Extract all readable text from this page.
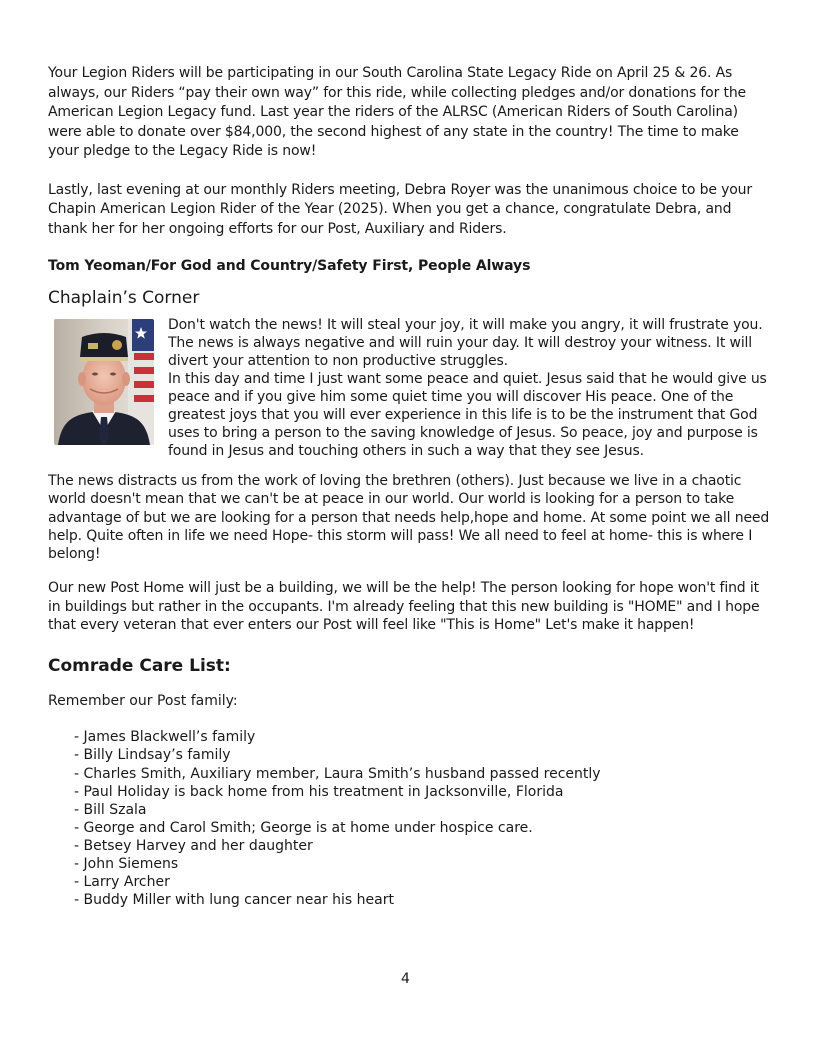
Your Legion Riders will be participating in our South Carolina State Legacy Ride on April 25 & 26. As always, our Riders “pay their own way” for this ride, while collecting pledges and/or donations for the American Legion Legacy fund. Last year the riders of the ALRSC (American Riders of South Carolina) were able to donate over $84,000, the second highest of any state in the country! The time to make your pledge to the Legacy Ride is now!

Lastly, last evening at our monthly Riders meeting, Debra Royer was the unanimous choice to be your Chapin American Legion Rider of the Year (2025). When you get a chance, congratulate Debra, and thank her for her ongoing efforts for our Post, Auxiliary and Riders.

Tom Yeoman/For God and Country/Safety First, People Always

Chaplain’s Corner

Don't watch the news! It will steal your joy, it will make you angry, it will frustrate you. The news is always negative and will ruin your day. It will destroy your witness. It will divert your attention to non productive struggles.

In this day and time I just want some peace and quiet. Jesus said that he would give us peace and if you give him some quiet time you will discover His peace. One of the greatest joys that you will ever experience in this life is to be the instrument that God uses to bring a person to the saving knowledge of Jesus. So peace, joy and purpose is found in Jesus and touching others in such a way that they see Jesus.

The news distracts us from the work of loving the brethren (others). Just because we live in a chaotic world doesn't mean that we can't be at peace in our world. Our world is looking for a person to take advantage of but we are looking for a person that needs help,hope and home. At some point we all need help. Quite often in life we need Hope- this storm will pass! We all need to feel at home- this is where I belong!

Our new Post Home will just be a building, we will be the help! The person looking for hope won't find it in buildings but rather in the occupants. I'm already feeling that this new building is "HOME" and I hope that every veteran that ever enters our Post will feel like "This is Home" Let's make it happen!

Comrade Care List:

Remember our Post family:

- James Blackwell’s family
- Billy Lindsay’s family
- Charles Smith, Auxiliary member, Laura Smith’s husband passed recently
- Paul Holiday is back home from his treatment in Jacksonville, Florida
- Bill Szala
- George and Carol Smith; George is at home under hospice care.
- Betsey Harvey and her daughter
- John Siemens
- Larry Archer
- Buddy Miller with lung cancer near his heart
4
